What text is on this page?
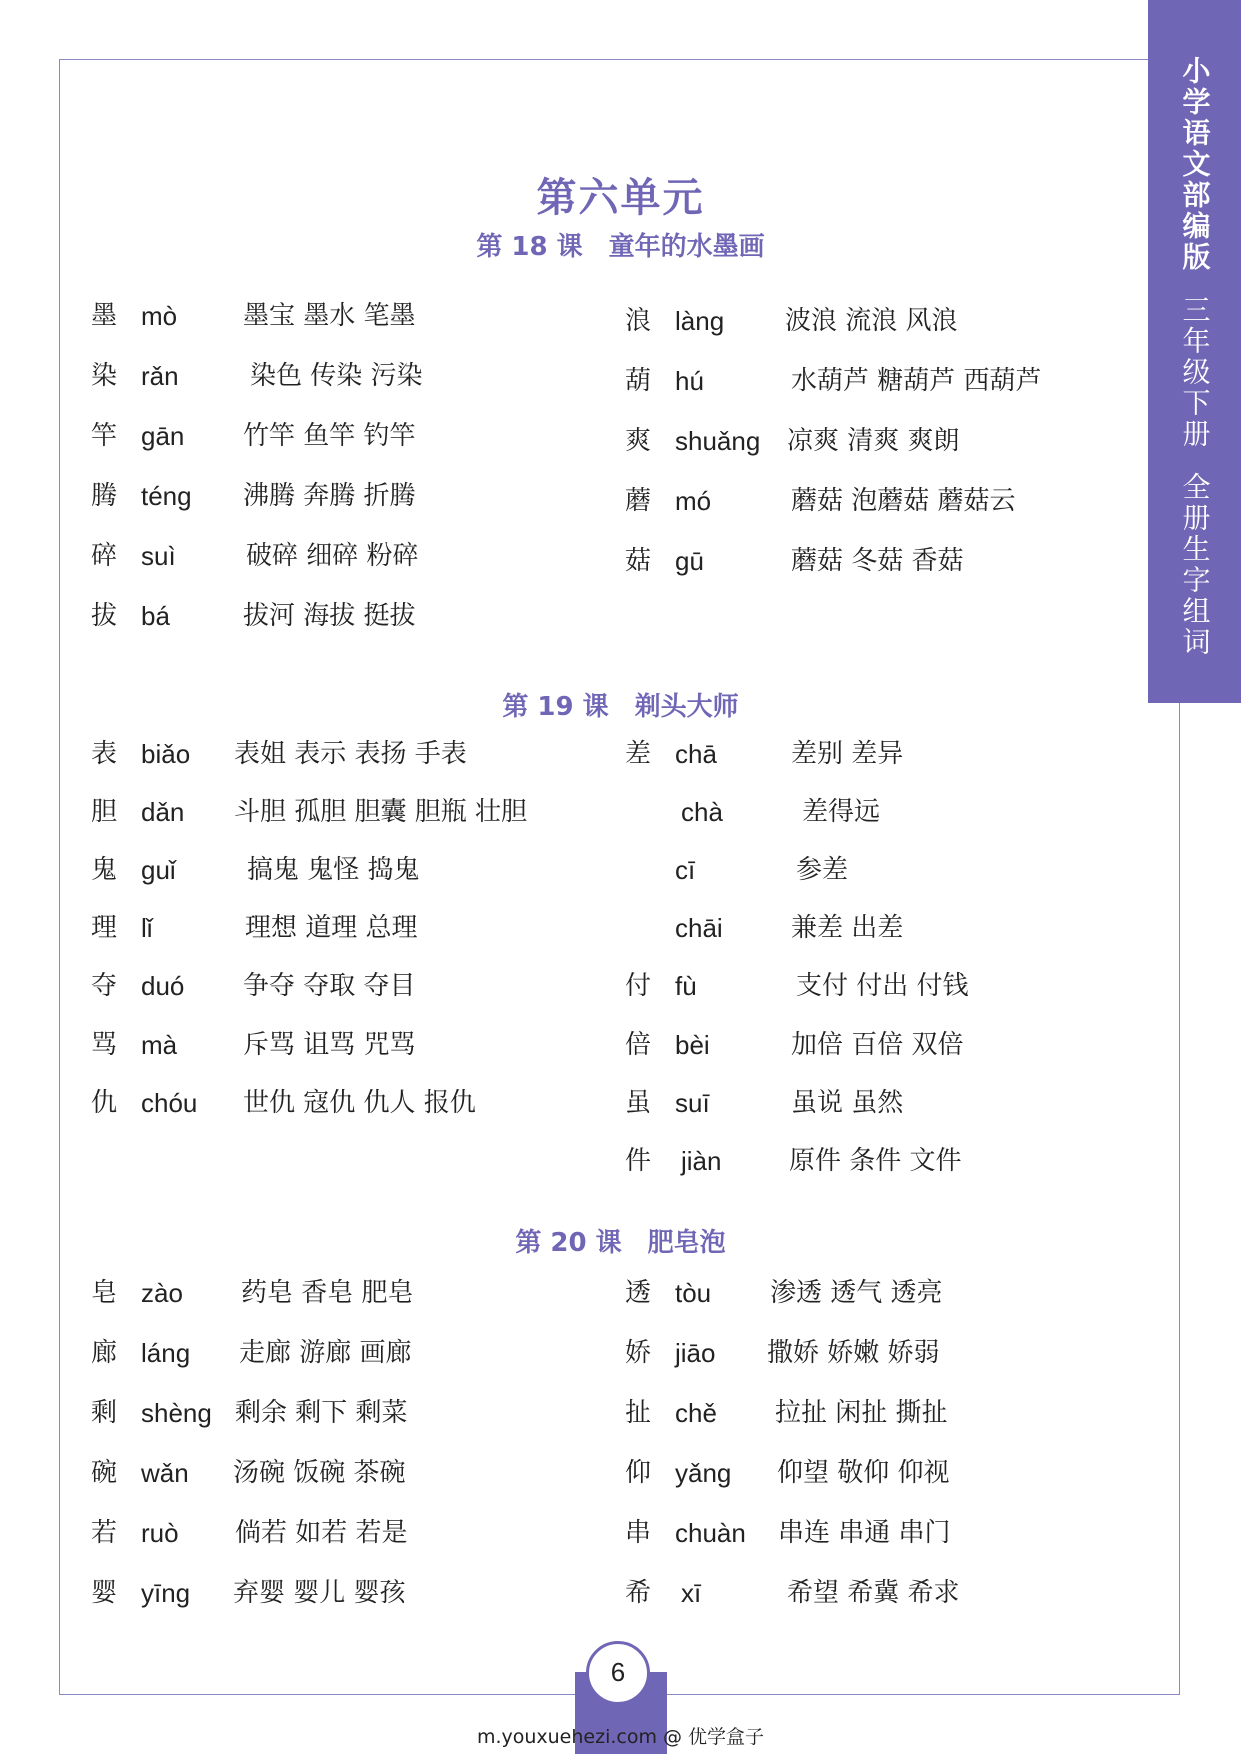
小学语文部编版
三年级下册
全册生字组词
第六单元
第 18 课　童年的水墨画
墨 mò	墨宝 墨水 笔墨
染 rǎn	染色 传染 污染
竿 gān 竹竿 鱼竿 钓竿
腾 téng 沸腾 奔腾 折腾
碎 suì	破碎 细碎 粉碎
拔 bá	拔河 海拔 挺拔
浪 làng 波浪 流浪 风浪
葫 hú	水葫芦 糖葫芦 西葫芦
爽 shuǎng 凉爽 清爽 爽朗
蘑 mó	蘑菇 泡蘑菇 蘑菇云
菇 gū	蘑菇 冬菇 香菇
第 19 课　剃头大师
表 biǎo 表姐 表示 表扬 手表
胆 dǎn 斗胆 孤胆 胆囊 胆瓶 壮胆
鬼 guǐ	搞鬼 鬼怪 捣鬼
理 lǐ	理想 道理 总理
夺 duó 争夺 夺取 夺目
骂 mà	斥骂 诅骂 咒骂
仇 chóu 世仇 寇仇 仇人 报仇
差 chā	差别 差异
chà	差得远
cī	参差
chāi	兼差 出差
付 fù	支付 付出 付钱
倍 bèi	加倍 百倍 双倍
虽 suī	虽说 虽然
件 jiàn	原件 条件 文件
第 20 课　肥皂泡
皂 zào 药皂 香皂 肥皂
廊 láng 走廊 游廊 画廊
剩 shèng 剩余 剩下 剩菜
碗 wǎn 汤碗 饭碗 茶碗
若 ruò 倘若 如若 若是
婴 yīng 弃婴 婴儿 婴孩
透 tòu 渗透 透气 透亮
娇 jiāo 撒娇 娇嫩 娇弱
扯 chě 拉扯 闲扯 撕扯
仰 yǎng 仰望 敬仰 仰视
串 chuàn 串连 串通 串门
希 xī	希望 希冀 希求
6
m.youxuehezi.com @ 优学盒子
